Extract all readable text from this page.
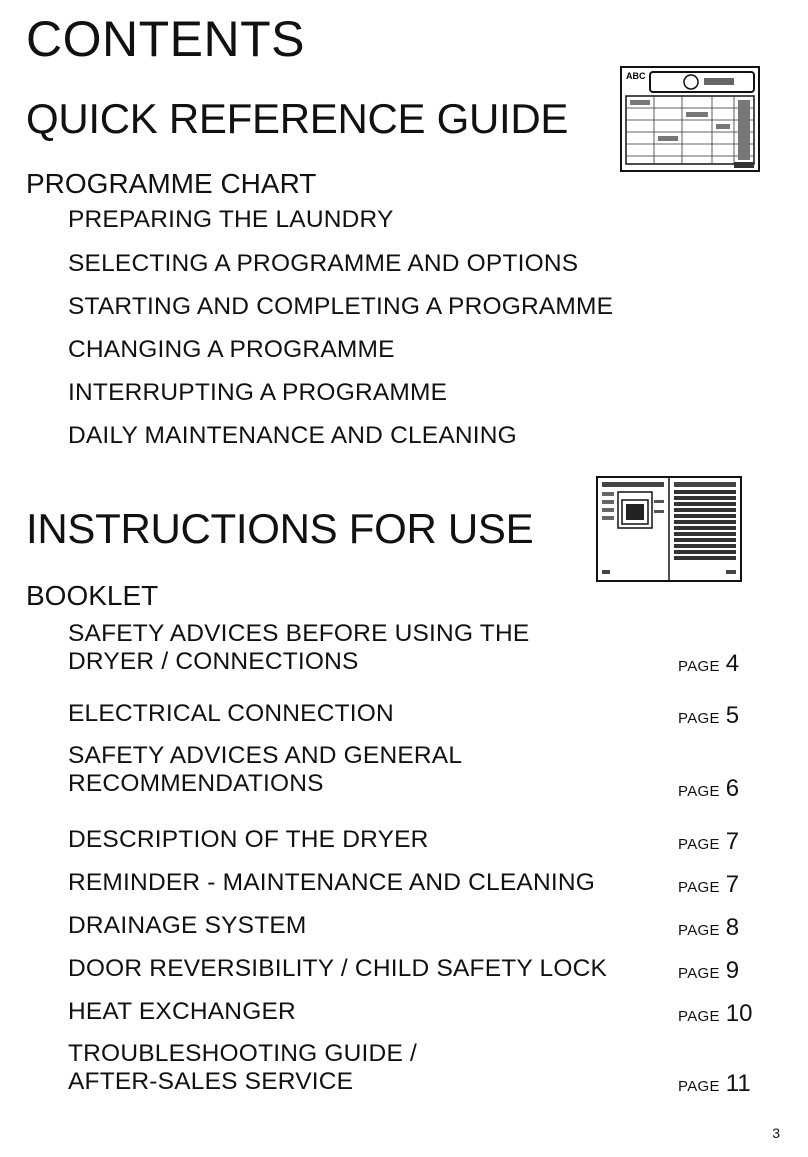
CONTENTS
QUICK REFERENCE GUIDE
PROGRAMME CHART
ABC
PREPARING THE LAUNDRY
SELECTING A PROGRAMME AND OPTIONS
STARTING AND COMPLETING A PROGRAMME
CHANGING A PROGRAMME
INTERRUPTING A PROGRAMME
DAILY MAINTENANCE AND CLEANING
INSTRUCTIONS FOR USE
BOOKLET
SAFETY ADVICES BEFORE USING THE
DRYER / CONNECTIONS	PAGE 4
ELECTRICAL CONNECTION	PAGE 5
SAFETY ADVICES AND GENERAL
RECOMMENDATIONS	PAGE 6
DESCRIPTION OF THE DRYER	PAGE 7
REMINDER - MAINTENANCE AND CLEANING	PAGE 7
DRAINAGE SYSTEM	PAGE 8
DOOR REVERSIBILITY / CHILD SAFETY LOCK	PAGE 9
HEAT EXCHANGER	PAGE 10
TROUBLESHOOTING GUIDE /
AFTER-SALES SERVICE	PAGE 11
3
